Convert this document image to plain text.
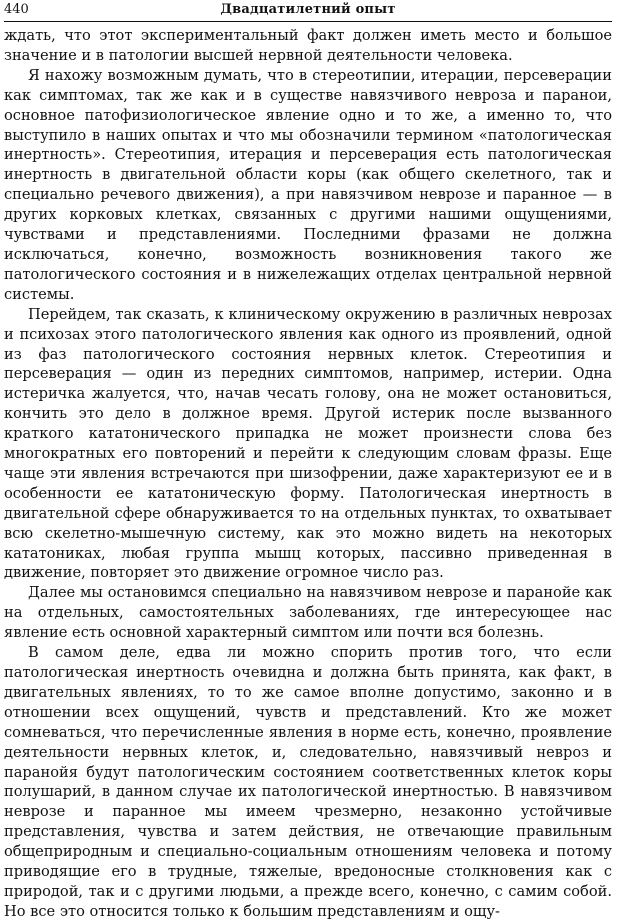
440	Двадцатилетний опыт

ждать, что этот экспериментальный факт должен иметь место и большое значение и в патологии высшей нервной деятельности человека.

Я нахожу возможным думать, что в стереотипии, итерации, персеверации как симптомах, так же как и в существе навязчивого невроза и паранои, основное патофизиологическое явление одно и то же, а именно то, что выступило в наших опытах и что мы обозначили термином «патологическая инертность». Стереотипия, итерация и персеверация есть патологическая инертность в двигательной области коры (как общего скелетного, так и специально речевого движения), а при навязчивом неврозе и паранное — в других корковых клетках, связанных с другими нашими ощущениями, чувствами и представлениями. Последними фразами не должна исключаться, конечно, возможность возникновения такого же патологического состояния и в нижележащих отделах центральной нервной системы.

Перейдем, так сказать, к клиническому окружению в различных неврозах и психозах этого патологического явления как одного из проявлений, одной из фаз патологического состояния нервных клеток. Стереотипия и персеверация — один из передних симптомов, например, истерии. Одна истеричка жалуется, что, начав чесать голову, она не может остановиться, кончить это дело в должное время. Другой истерик после вызванного краткого кататонического припадка не может произнести слова без многократных его повторений и перейти к следующим словам фразы. Еще чаще эти явления встречаются при шизофрении, даже характеризуют ее и в особенности ее кататоническую форму. Патологическая инертность в двигательной сфере обнаруживается то на отдельных пунктах, то охватывает всю скелетно-мышечную систему, как это можно видеть на некоторых кататониках, любая группа мышц которых, пассивно приведенная в движение, повторяет это движение огромное число раз.

Далее мы остановимся специально на навязчивом неврозе и паранойе как на отдельных, самостоятельных заболеваниях, где интересующее нас явление есть основной характерный симптом или почти вся болезнь.

В самом деле, едва ли можно спорить против того, что если патологическая инертность очевидна и должна быть принята, как факт, в двигательных явлениях, то то же самое вполне допустимо, законно и в отношении всех ощущений, чувств и представлений. Кто же может сомневаться, что перечисленные явления в норме есть, конечно, проявление деятельности нервных клеток, и, следовательно, навязчивый невроз и паранойя будут патологическим состоянием соответственных клеток коры полушарий, в данном случае их патологической инертностью. В навязчивом неврозе и паранное мы имеем чрезмерно, незаконно устойчивые представления, чувства и затем действия, не отвечающие правильным общеприродным и специально-социальным отношениям человека и потому приводящие его в трудные, тяжелые, вредоносные столкновения как с природой, так и с другими людьми, а прежде всего, конечно, с самим собой. Но все это относится только к большим представлениям и ощу-
